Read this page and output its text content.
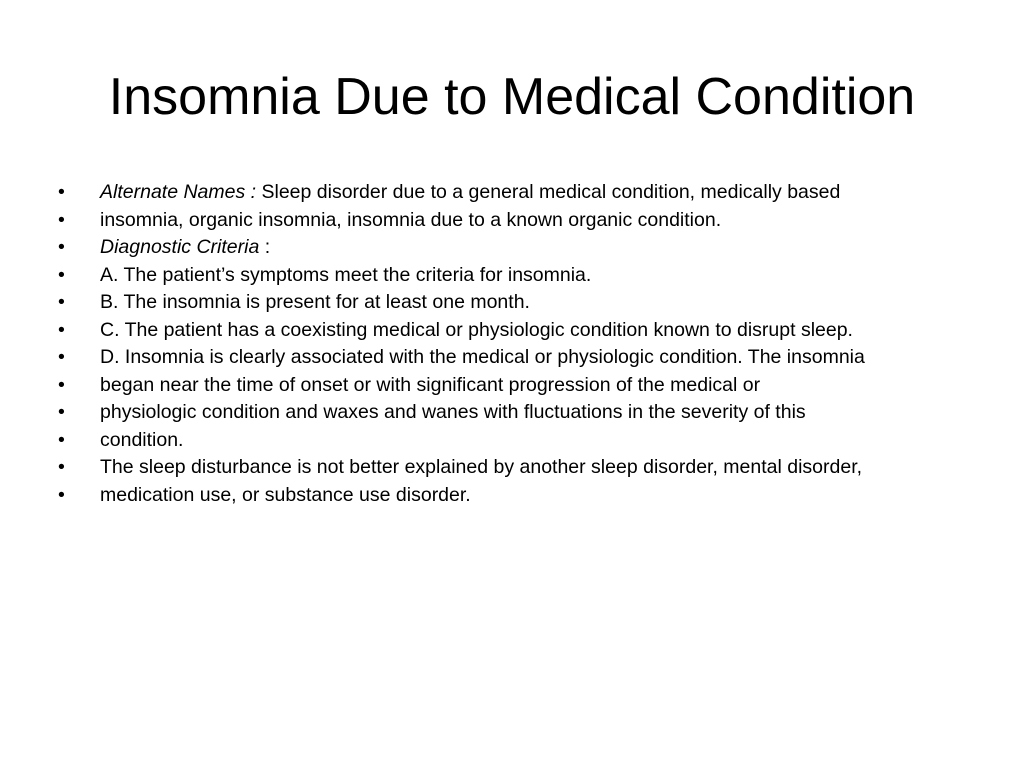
Insomnia Due to Medical Condition
•	Alternate Names : Sleep disorder due to a general medical condition, medically based
•	insomnia, organic insomnia, insomnia due to a known organic condition.
•	Diagnostic Criteria :
•	A. The patient’s symptoms meet the criteria for insomnia.
•	B. The insomnia is present for at least one month.
•	C. The patient has a coexisting medical or physiologic condition known to disrupt sleep.
•	D. Insomnia is clearly associated with the medical or physiologic condition. The insomnia
•	began near the time of onset or with significant progression of the medical or
•	physiologic condition and waxes and wanes with fluctuations in the severity of this
•	condition.
•	The sleep disturbance is not better explained by another sleep disorder, mental disorder,
•	medication use, or substance use disorder.
